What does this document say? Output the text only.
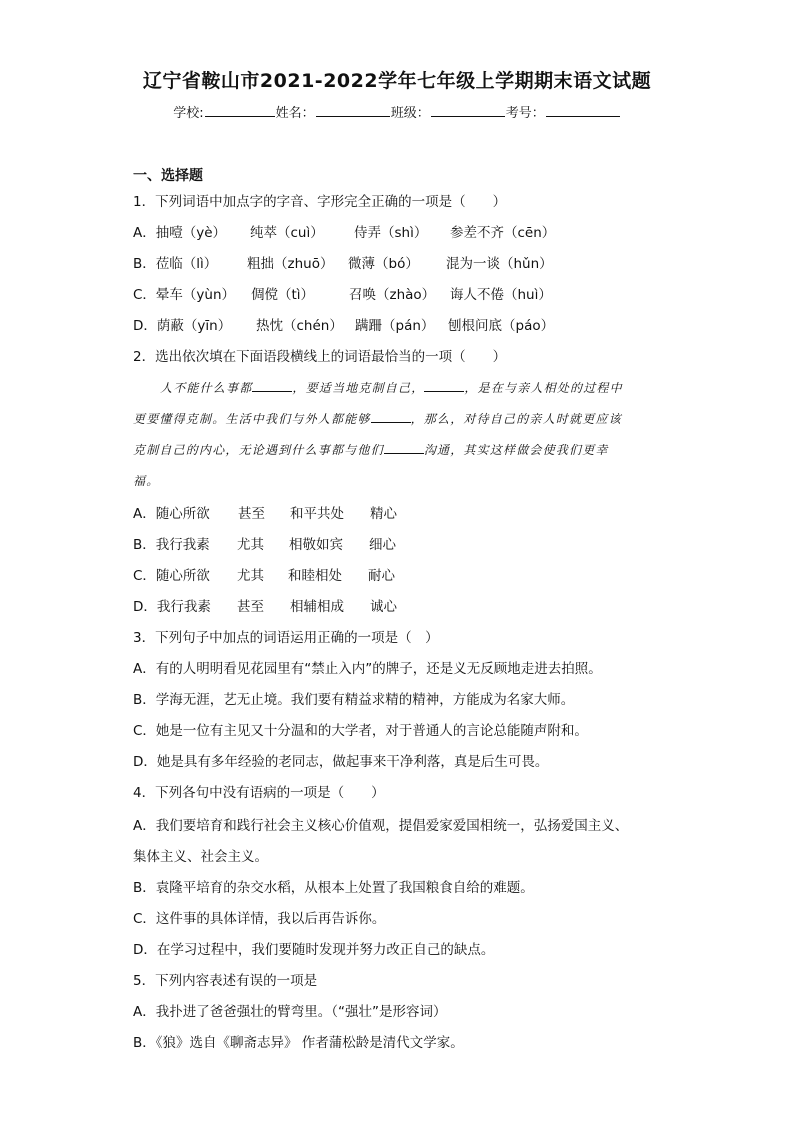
辽宁省鞍山市2021-2022学年七年级上学期期末语文试题
学校:	姓名：	班级：	考号：
一、选择题
1．下列词语中加点字的字音、字形完全正确的一项是（　　）
A．抽噎（yè） 纯萃（cuì） 侍弄（shì） 参差不齐（cēn）
B．莅临（lì） 粗拙（zhuō） 微薄（bó） 混为一谈（hǔn）
C．晕车（yùn） 倜傥（tì）	召唤（zhào） 诲人不倦（huì）
D．荫蔽（yīn） 热忱（chén） 蹒跚（pán） 刨根问底（páo）
2．选出依次填在下面语段横线上的词语最恰当的一项（　　）
人不能什么事都	，要适当地克制自己，	，是在与亲人相处的过程中
更要懂得克制。生活中我们与外人都能够	，那么，对待自己的亲人时就更应该
克制自己的内心，无论遇到什么事都与他们	沟通，其实这样做会使我们更幸
福。
A．随心所欲 甚至 和平共处 精心
B．我行我素 尤其 相敬如宾 细心
C．随心所欲 尤其 和睦相处 耐心
D．我行我素 甚至 相辅相成 诚心
3．下列句子中加点的词语运用正确的一项是（　）
A．有的人明明看见花园里有“禁止入内”的牌子，还是义无反顾地走进去拍照。
B．学海无涯，艺无止境。我们要有精益求精的精神，方能成为名家大师。
C．她是一位有主见又十分温和的大学者，对于普通人的言论总能随声附和。
D．她是具有多年经验的老同志，做起事来干净利落，真是后生可畏。
4．下列各句中没有语病的一项是（　　）
A．我们要培育和践行社会主义核心价值观，提倡爱家爱国相统一，弘扬爱国主义、
集体主义、社会主义。
B．袁隆平培育的杂交水稻，从根本上处置了我国粮食自给的难题。
C．这件事的具体详情，我以后再告诉你。
D．在学习过程中，我们要随时发现并努力改正自己的缺点。
5．下列内容表述有误的一项是
A．我扑进了爸爸强壮的臂弯里。（“强壮”是形容词）
B．《狼》选自《聊斋志异》 作者蒲松龄是清代文学家。
